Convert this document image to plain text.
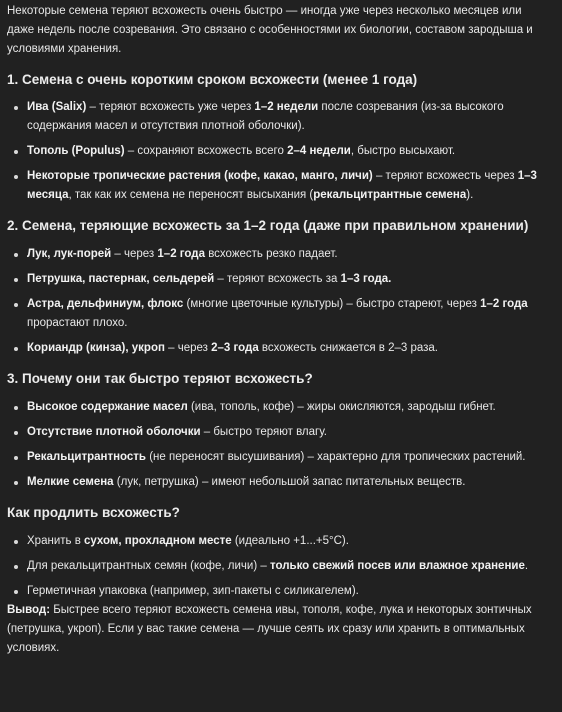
Некоторые семена теряют всхожесть очень быстро — иногда уже через несколько месяцев или даже недель после созревания. Это связано с особенностями их биологии, составом зародыша и условиями хранения.

1. Семена с очень коротким сроком всхожести (менее 1 года)
Ива (Salix) – теряют всхожесть уже через 1–2 недели после созревания (из-за высокого содержания масел и отсутствия плотной оболочки).
Тополь (Populus) – сохраняют всхожесть всего 2–4 недели, быстро высыхают.
Некоторые тропические растения (кофе, какао, манго, личи) – теряют всхожесть через 1–3 месяца, так как их семена не переносят высыхания (рекальцитрантные семена).
2. Семена, теряющие всхожесть за 1–2 года (даже при правильном хранении)
Лук, лук-порей – через 1–2 года всхожесть резко падает.
Петрушка, пастернак, сельдерей – теряют всхожесть за 1–3 года.
Астра, дельфиниум, флокс (многие цветочные культуры) – быстро стареют, через 1–2 года прорастают плохо.
Кориандр (кинза), укроп – через 2–3 года всхожесть снижается в 2–3 раза.
3. Почему они так быстро теряют всхожесть?
Высокое содержание масел (ива, тополь, кофе) – жиры окисляются, зародыш гибнет.
Отсутствие плотной оболочки – быстро теряют влагу.
Рекальцитрантность (не переносят высушивания) – характерно для тропических растений.
Мелкие семена (лук, петрушка) – имеют небольшой запас питательных веществ.
Как продлить всхожесть?
Хранить в сухом, прохладном месте (идеально +1...+5°C).
Для рекальцитрантных семян (кофе, личи) – только свежий посев или влажное хранение.
Герметичная упаковка (например, зип-пакеты с силикагелем).

Вывод: Быстрее всего теряют всхожесть семена ивы, тополя, кофе, лука и некоторых зонтичных (петрушка, укроп). Если у вас такие семена — лучше сеять их сразу или хранить в оптимальных условиях.
